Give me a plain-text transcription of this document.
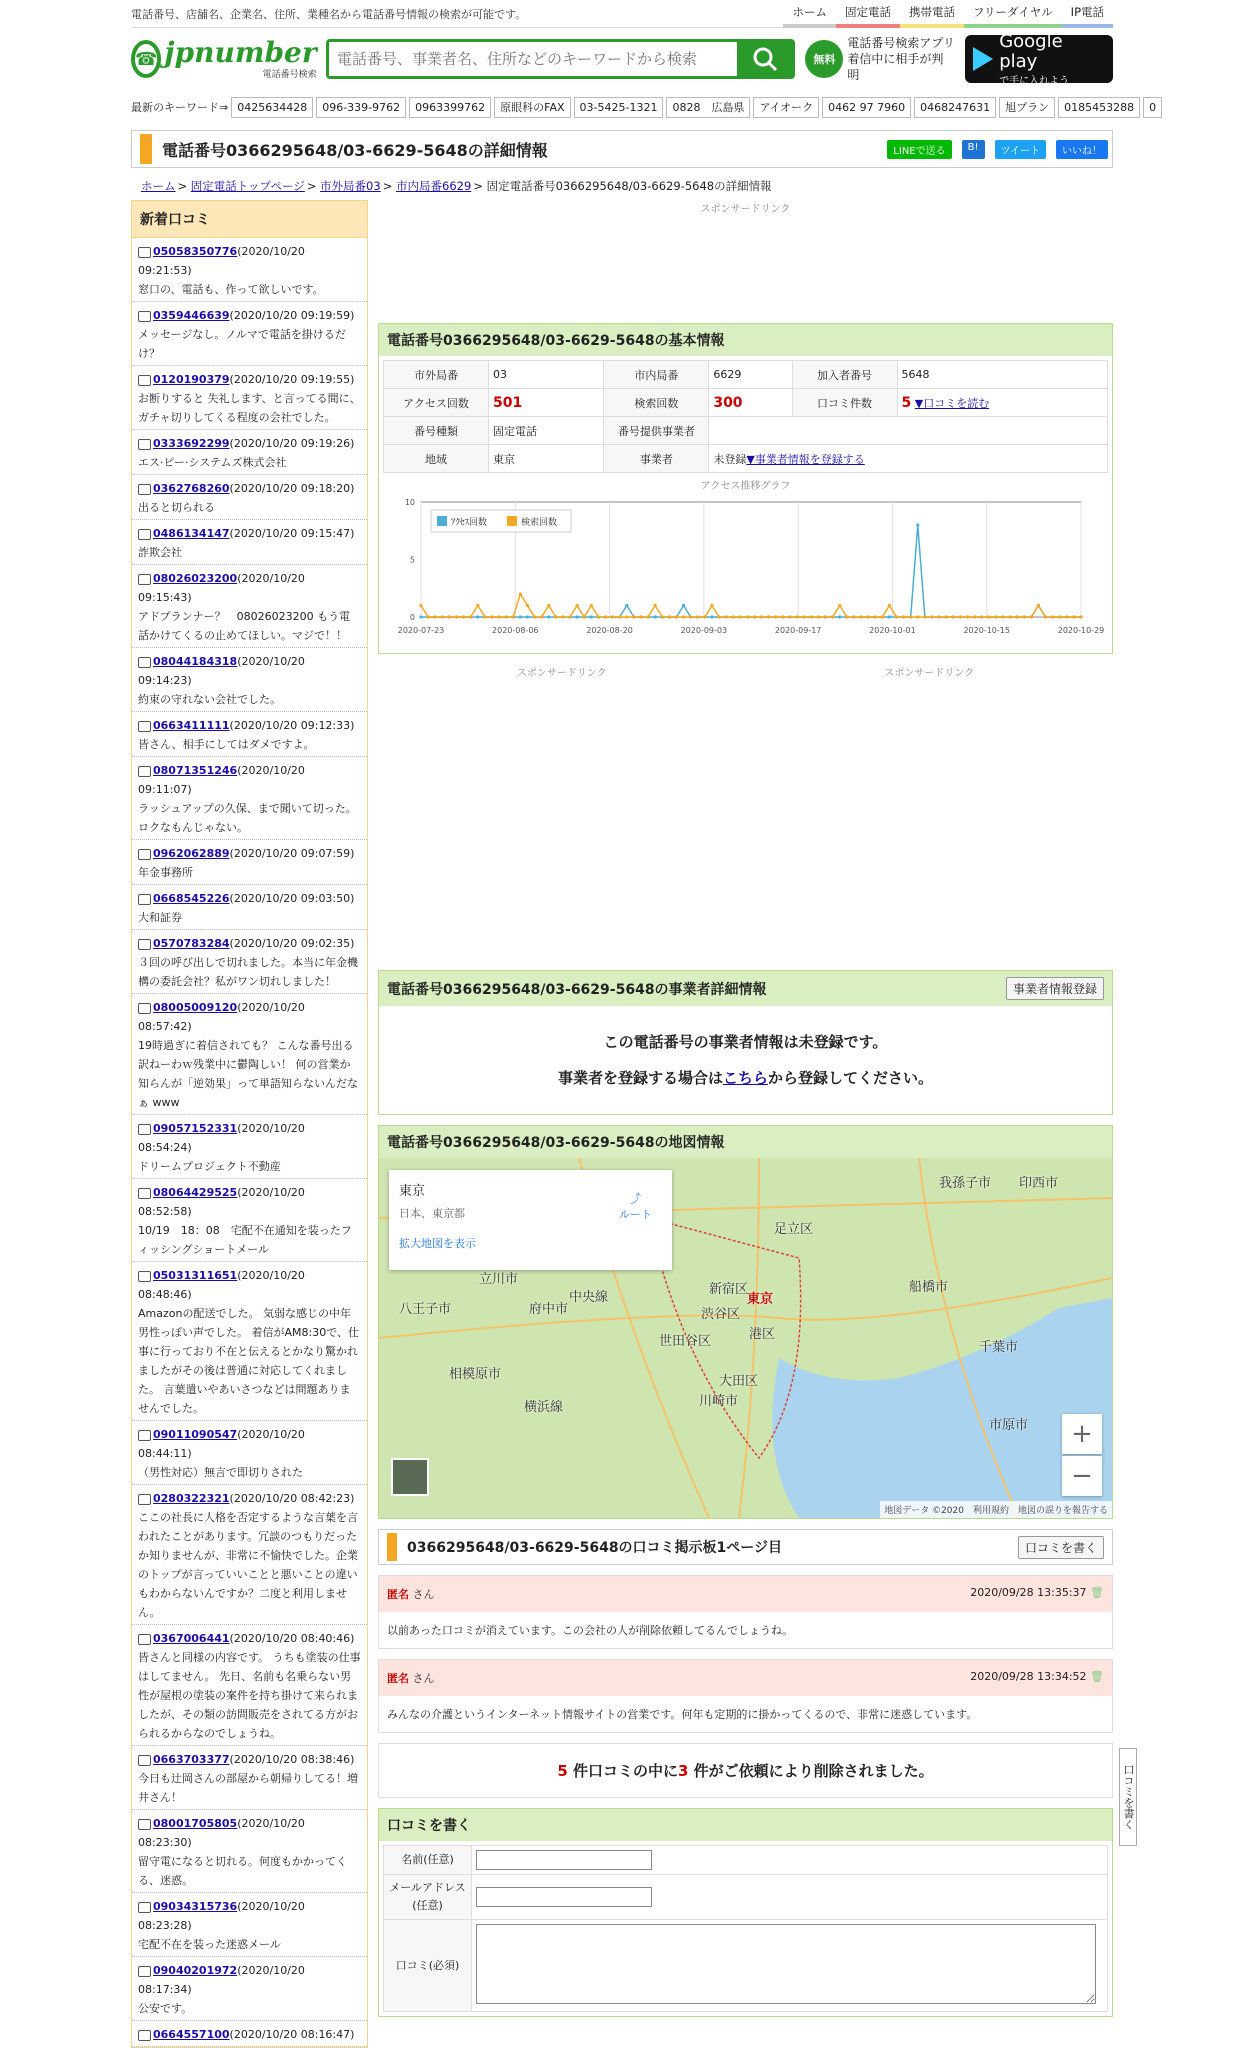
電話番号、店舗名、企業名、住所、業種名から電話番号情報の検索が可能です。	ホーム	固定電話	携帯電話	フリーダイヤル	IP電話
☎ jpnumber
電話番号検索
電話番号、事業者名、住所などのキーワードから検索
無料
電話番号検索アプリ
着信中に相手が判明
Google play
で手に入れよう
最新のキーワード⇒ 0425634428 096-339-9762 0963399762 原眼科のFAX 03-5425-1321 0828　広島県 アイオーク 0462 97 7960 0468247631 旭プラン 0185453288 0
電話番号0366295648/03-6629-5648の詳細情報	LINEで送る	B!	ツイート	いいね！
ホーム > 固定電話トップページ > 市外局番03 > 市内局番6629 > 固定電話番号0366295648/03-6629-5648の詳細情報
新着口コミ
05058350776(2020/10/20 09:21:53)
窓口の、電話も、作って欲しいです。
0359446639(2020/10/20 09:19:59)
メッセージなし。ノルマで電話を掛けるだけ？
0120190379(2020/10/20 09:19:55)
お断りすると 失礼します、と言ってる間に、ガチャ切りしてくる程度の会社でした。
0333692299(2020/10/20 09:19:26)
エス·ピー·システムズ株式会社
0362768260(2020/10/20 09:18:20)
出ると切られる
0486134147(2020/10/20 09:15:47)
詐欺会社
08026023200(2020/10/20 09:15:43)
アドプランナー？　08026023200 もう電話かけてくるの止めてほしい。マジで！！
08044184318(2020/10/20 09:14:23)
約束の守れない会社でした。
0663411111(2020/10/20 09:12:33)
皆さん、相手にしてはダメですよ。
08071351246(2020/10/20 09:11:07)
ラッシュアップの久保、まで聞いて切った。 ロクなもんじゃない。
0962062889(2020/10/20 09:07:59)
年金事務所
0668545226(2020/10/20 09:03:50)
大和証券
0570783284(2020/10/20 09:02:35)
３回の呼び出しで切れました。本当に年金機構の委託会社？私がワン切れしました！
08005009120(2020/10/20 08:57:42)
19時過ぎに着信されても？ こんな番号出る訳ねーわｗ残業中に鬱陶しい！ 何の営業か知らんが「逆効果」って単語知らないんだなぁ www
09057152331(2020/10/20 08:54:24)
ドリームプロジェクト不動産
08064429525(2020/10/20 08:52:58)
10/19　18：08　宅配不在通知を装ったフィッシングショートメール
05031311651(2020/10/20 08:48:46)
Amazonの配送でした。 気弱な感じの中年男性っぽい声でした。 着信がAM8:30で、仕事に行っており不在と伝えるとかなり驚かれましたがその後は普通に対応してくれました。 言葉遣いやあいさつなどは問題ありませんでした。
09011090547(2020/10/20 08:44:11)
（男性対応）無言で即切りされた
0280322321(2020/10/20 08:42:23)
ここの社長に人格を否定するような言葉を言われたことがあります。冗談のつもりだったか知りませんが、非常に不愉快でした。企業のトップが言っていいことと悪いことの違いもわからないんですか？二度と利用しません。
0367006441(2020/10/20 08:40:46)
皆さんと同様の内容です。 うちも塗装の仕事はしてません。 先日、名前も名乗らない男性が屋根の塗装の案件を持ち掛けて来られましたが、その類の訪問販売をされてる方がおられるからなのでしょうね。
0663703377(2020/10/20 08:38:46)
今日も辻岡さんの部屋から朝帰りしてる！増井さん！
08001705805(2020/10/20 08:23:30)
留守電になると切れる。何度もかかってくる、迷惑。
09034315736(2020/10/20 08:23:28)
宅配不在を装った迷惑メール
09040201972(2020/10/20 08:17:34)
公安です。
0664557100(2020/10/20 08:16:47)
スポンサードリンク
電話番号0366295648/03-6629-5648の基本情報
市外局番	03	市内局番	6629	加入者番号	5648
アクセス回数	501	検索回数	300	口コミ件数	5 ▼口コミを読む
番号種類	固定電話	番号提供事業者			
地域	東京	事業者	未登録▼事業者情報を登録する		
アクセス推移グラフ
2020-07-23	2020-08-06	2020-08-20	2020-09-03	2020-09-17	2020-10-01	2020-10-15	2020-10-29
0
5
10
ｱｸｾｽ回数	検索回数
スポンサードリンク	スポンサードリンク
電話番号0366295648/03-6629-5648の事業者詳細情報	事業者情報登録
この電話番号の事業者情報は未登録です。
事業者を登録する場合はこちらから登録してください。
電話番号0366295648/03-6629-5648の地図情報
我孫子市 印西市
足立区
船橋市
千葉市
立川市
八王子市	府中市
新宿区
東京
渋谷区
世田谷区	港区
大田区
川崎市
相模原市
市原市
中央線
横浜線
東京
日本、東京都
⤴
ルート
拡大地図を表示
+
−
地図データ ©2020　利用規約　地図の誤りを報告する
0366295648/03-6629-5648の口コミ掲示板1ページ目	口コミを書く
匿名 さん	2020/09/28 13:35:37 🗑
以前あった口コミが消えています。この会社の人が削除依頼してるんでしょうね。
匿名 さん	2020/09/28 13:34:52 🗑
みんなの介護というインターネット情報サイトの営業です。何年も定期的に掛かってくるので、非常に迷惑しています。
5 件口コミの中に3 件がご依頼により削除されました。
口コミを書く
名前(任意)	
メールアドレス(任意)	
口コミ(必須)	
口コミを書く
